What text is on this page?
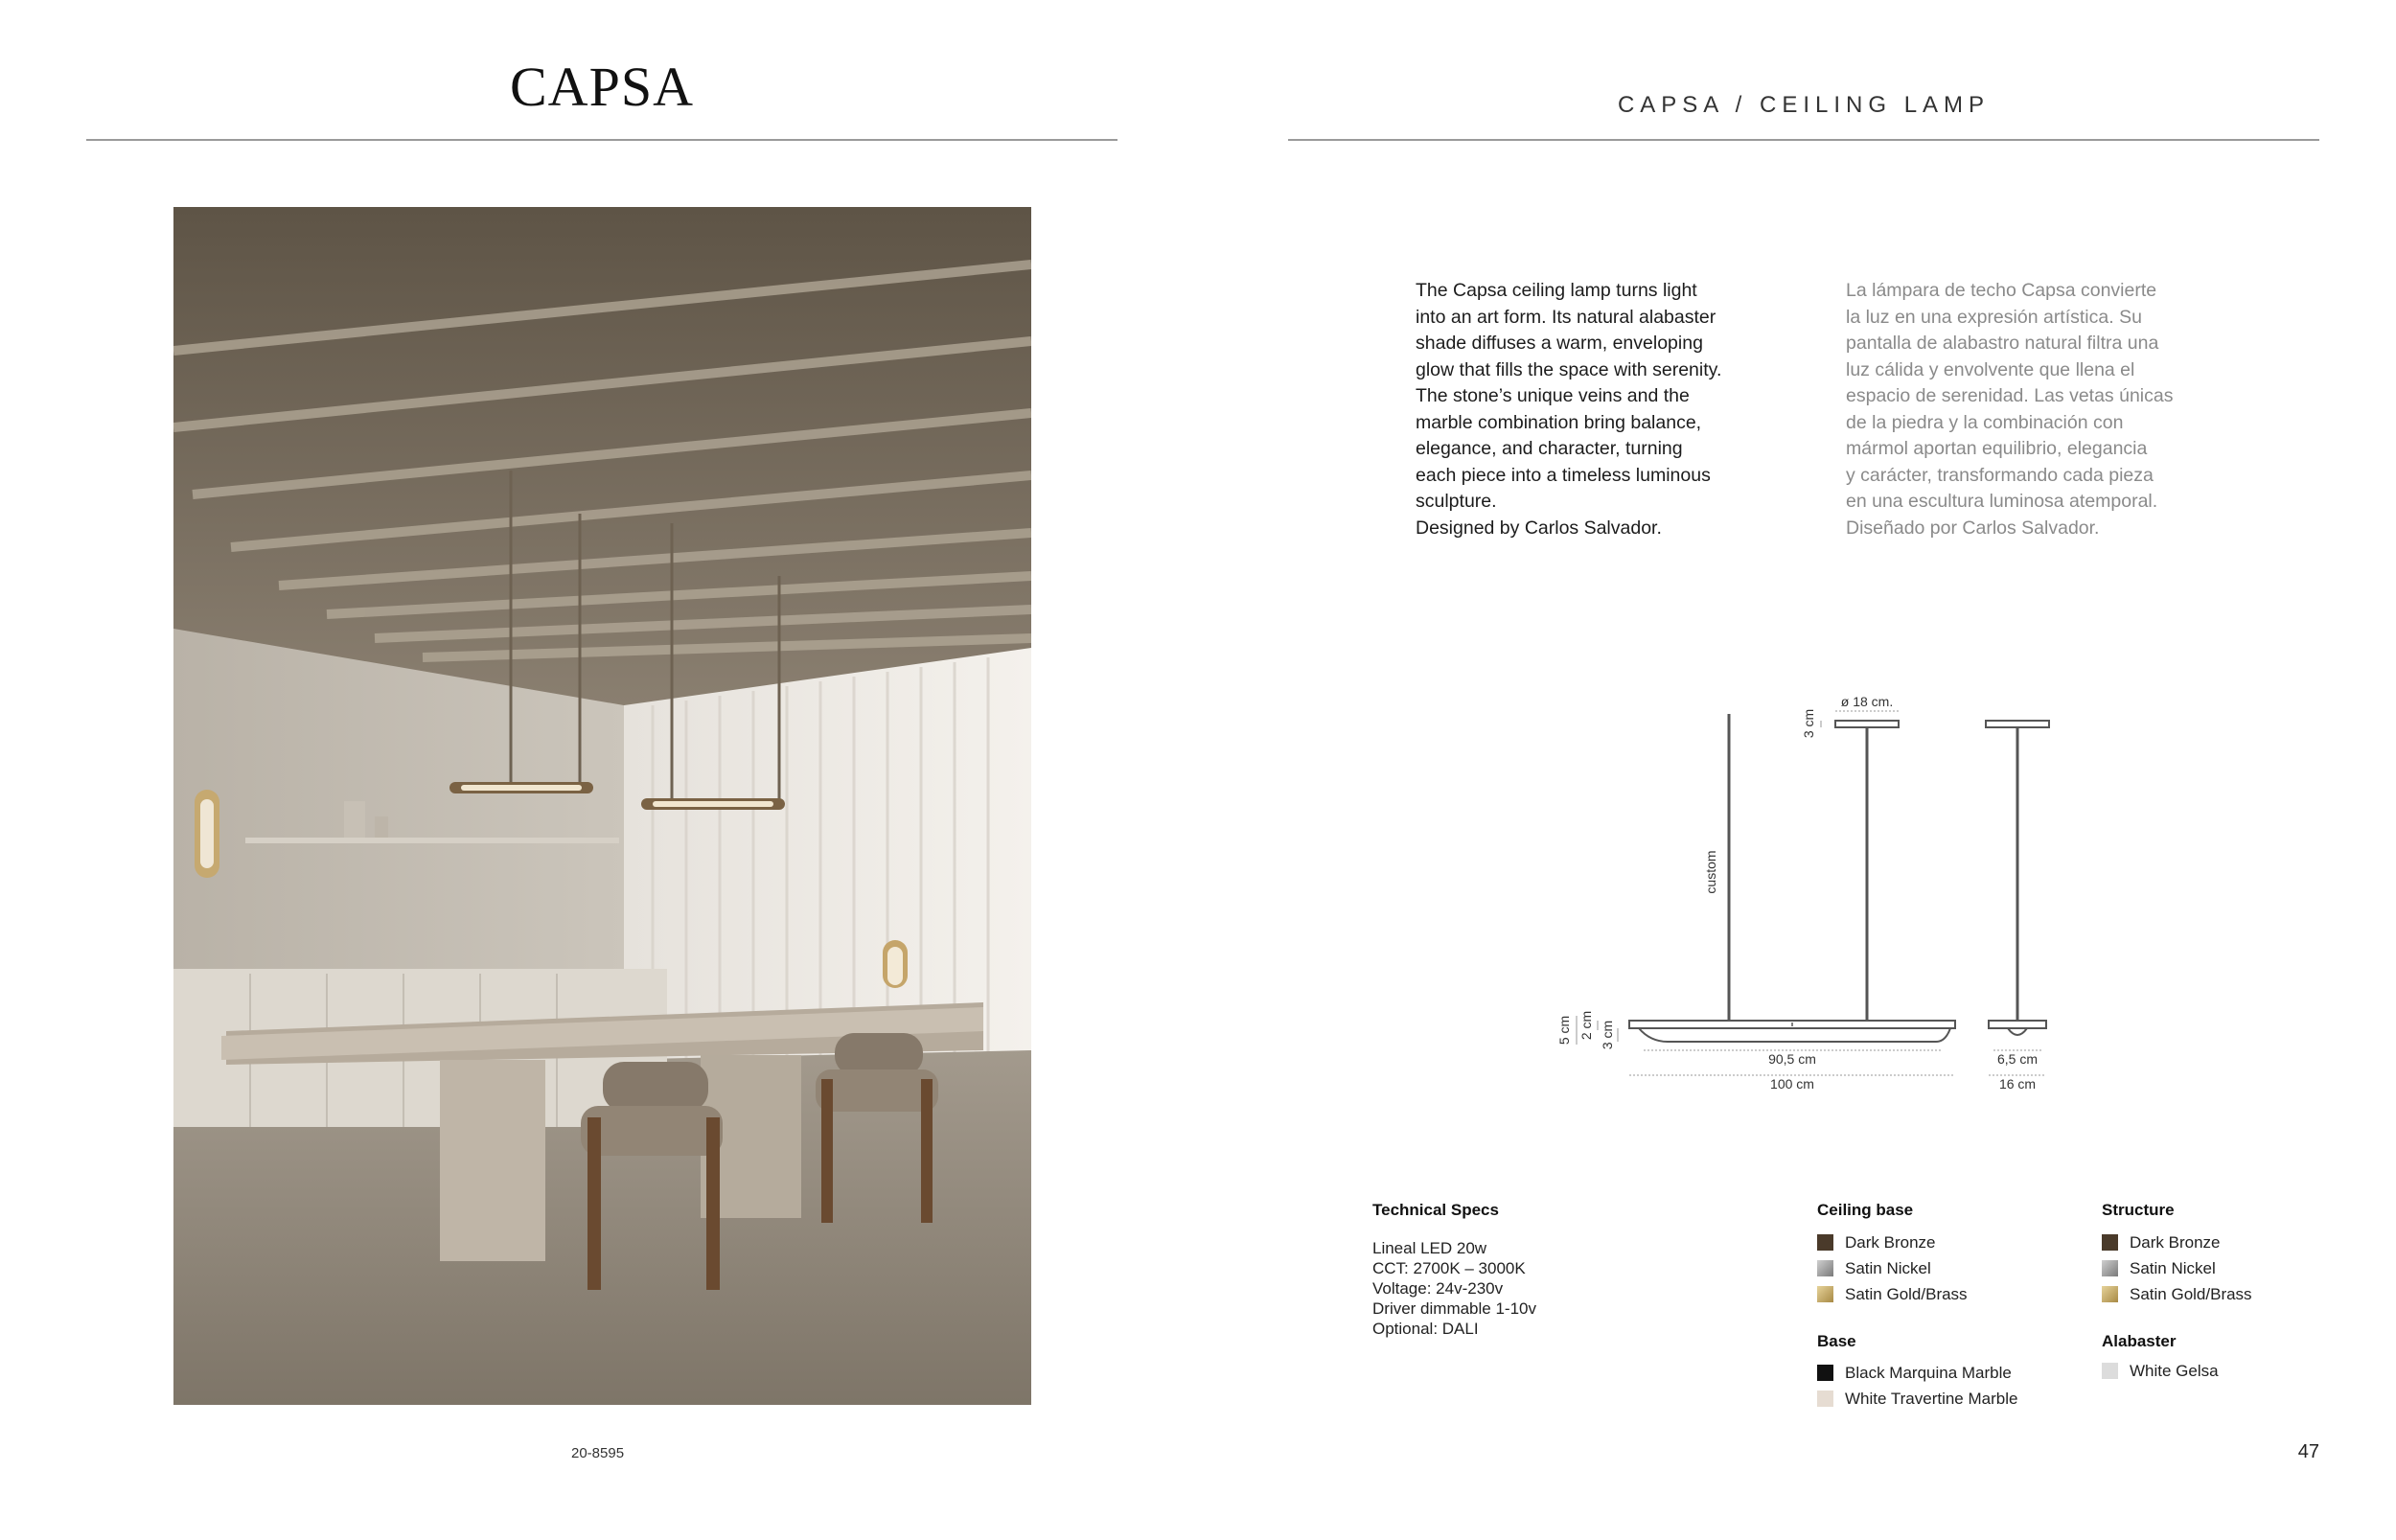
CAPSA
20-8595
CAPSA / CEILING LAMP
The Capsa ceiling lamp turns light
into an art form. Its natural alabaster
shade diffuses a warm, enveloping
glow that fills the space with serenity.
The stone’s unique veins and the
marble combination bring balance,
elegance, and character, turning
each piece into a timeless luminous
sculpture.
Designed by Carlos Salvador.
La lámpara de techo Capsa convierte
la luz en una expresión artística. Su
pantalla de alabastro natural filtra una
luz cálida y envolvente que llena el
espacio de serenidad. Las vetas únicas
de la piedra y la combinación con
mármol aportan equilibrio, elegancia
y carácter, transformando cada pieza
en una escultura luminosa atemporal.
Diseñado por Carlos Salvador.
ø 18 cm.
3 cm
custom
5 cm 2 cm 3 cm
90,5 cm
100 cm
6,5 cm
16 cm
Technical Specs
Lineal LED 20w
CCT: 2700K – 3000K
Voltage: 24v-230v
Driver dimmable 1-10v
Optional: DALI
Ceiling base
Dark Bronze
Satin Nickel
Satin Gold/Brass
Base
Black Marquina Marble
White Travertine Marble
Structure
Dark Bronze
Satin Nickel
Satin Gold/Brass
Alabaster
White Gelsa
47
